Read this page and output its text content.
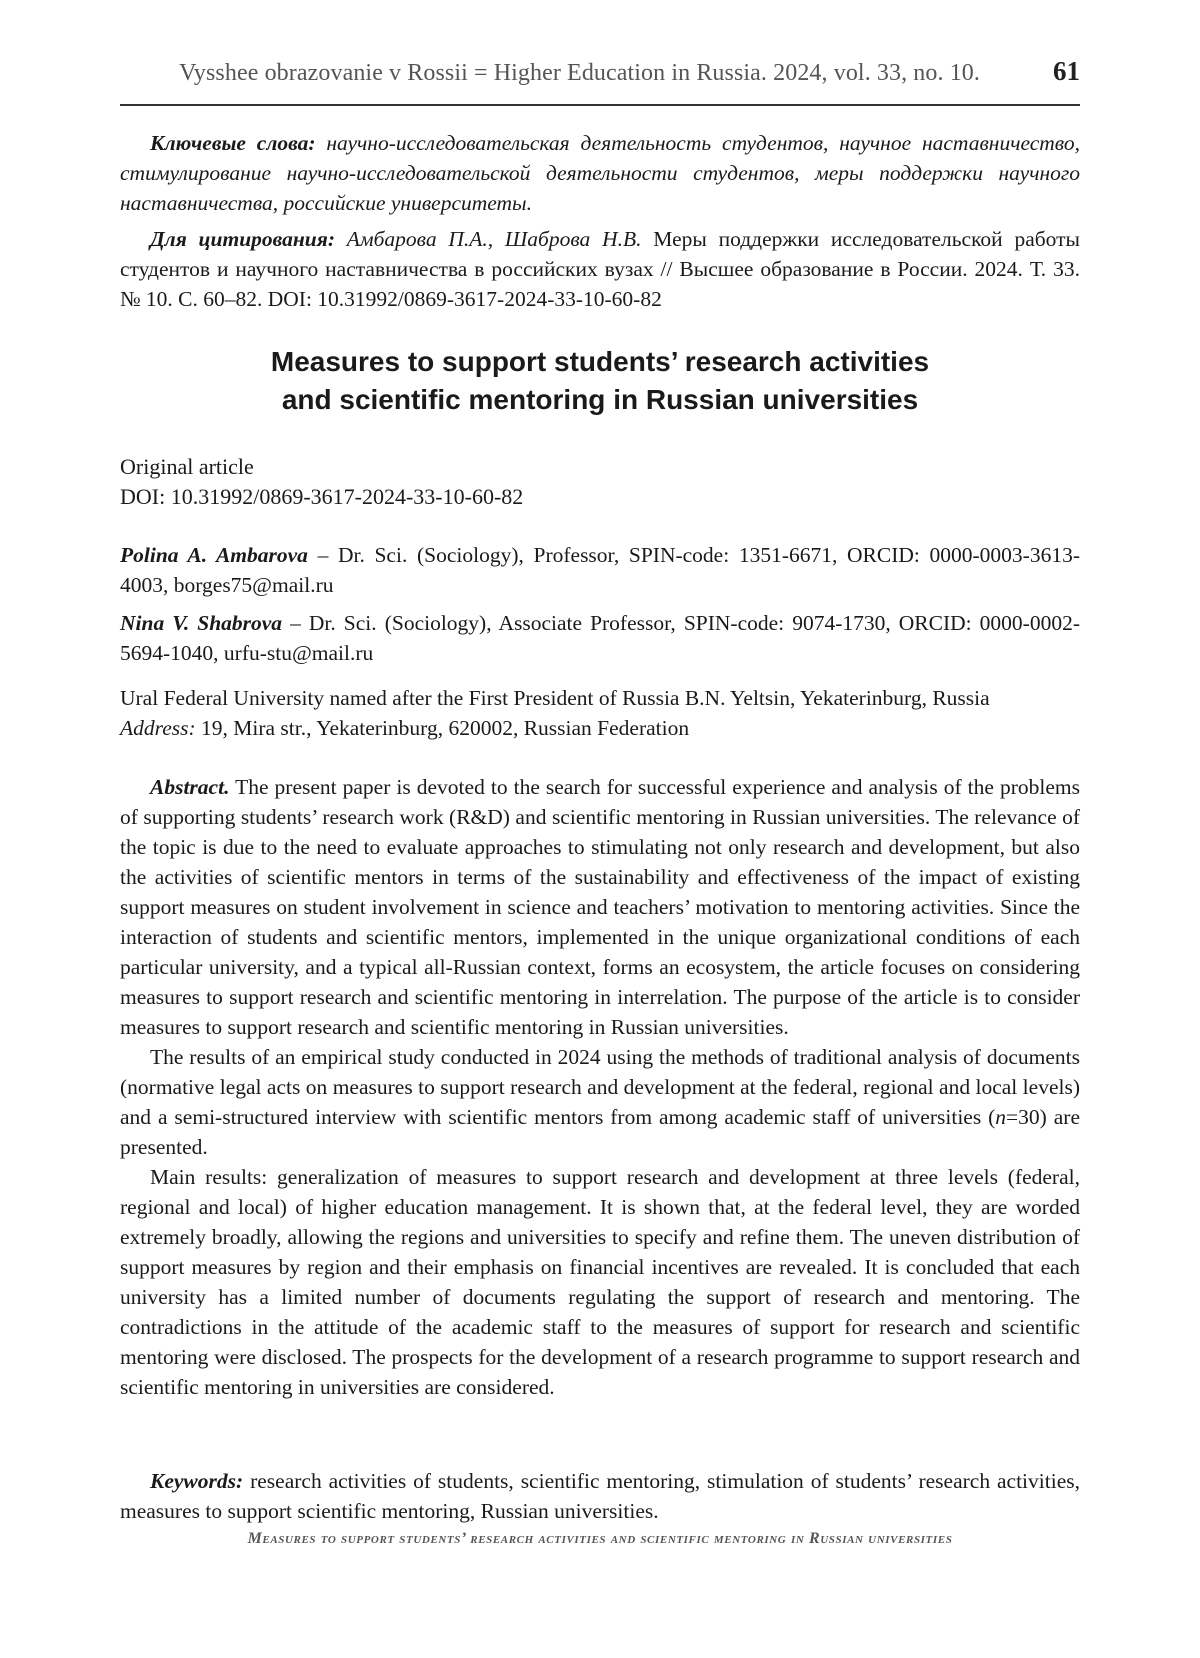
Vysshee obrazovanie v Rossii = Higher Education in Russia. 2024, vol. 33, no. 10.	61

Ключевые слова: научно-исследовательская деятельность студентов, научное наставничество, стимулирование научно-исследовательской деятельности студентов, меры поддержки научного наставничества, российские университеты.

Для цитирования: Амбарова П.А., Шаброва Н.В. Меры поддержки исследовательской работы студентов и научного наставничества в российских вузах // Высшее образование в России. 2024. Т. 33. № 10. С. 60–82. DOI: 10.31992/0869-3617-2024-33-10-60-82

Measures to support students’ research activities
and scientific mentoring in Russian universities
Original article
DOI: 10.31992/0869-3617-2024-33-10-60-82

Polina A. Ambarova – Dr. Sci. (Sociology), Professor, SPIN-code: 1351-6671, ORCID: 0000-0003-3613-4003, borges75@mail.ru

Nina V. Shabrova – Dr. Sci. (Sociology), Associate Professor, SPIN-code: 9074-1730, ORCID: 0000-0002-5694-1040, urfu-stu@mail.ru

Ural Federal University named after the First President of Russia B.N. Yeltsin, Yekaterinburg, Russia
Address: 19, Mira str., Yekaterinburg, 620002, Russian Federation

Abstract. The present paper is devoted to the search for successful experience and analysis of the problems of supporting students’ research work (R&D) and scientific mentoring in Russian universities. The relevance of the topic is due to the need to evaluate approaches to stimulating not only research and development, but also the activities of scientific mentors in terms of the sustainability and effectiveness of the impact of existing support measures on student involvement in science and teachers’ motivation to mentoring activities. Since the interaction of students and scientific mentors, implemented in the unique organizational conditions of each particular university, and a typical all-Russian context, forms an ecosystem, the article focuses on considering measures to support research and scientific mentoring in interrelation. The purpose of the article is to consider measures to support research and scientific mentoring in Russian universities.

The results of an empirical study conducted in 2024 using the methods of traditional analysis of documents (normative legal acts on measures to support research and development at the federal, regional and local levels) and a semi-structured interview with scientific mentors from among academic staff of universities (n=30) are presented.

Main results: generalization of measures to support research and development at three levels (federal, regional and local) of higher education management. It is shown that, at the federal level, they are worded extremely broadly, allowing the regions and universities to specify and refine them. The uneven distribution of support measures by region and their emphasis on financial incentives are revealed. It is concluded that each university has a limited number of documents regulating the support of research and mentoring. The contradictions in the attitude of the academic staff to the measures of support for research and scientific mentoring were disclosed. The prospects for the development of a research programme to support research and scientific mentoring in universities are considered.

Keywords: research activities of students, scientific mentoring, stimulation of students’ research activities, measures to support scientific mentoring, Russian universities.

Measures to support students’ research activities and scientific mentoring in Russian universities
